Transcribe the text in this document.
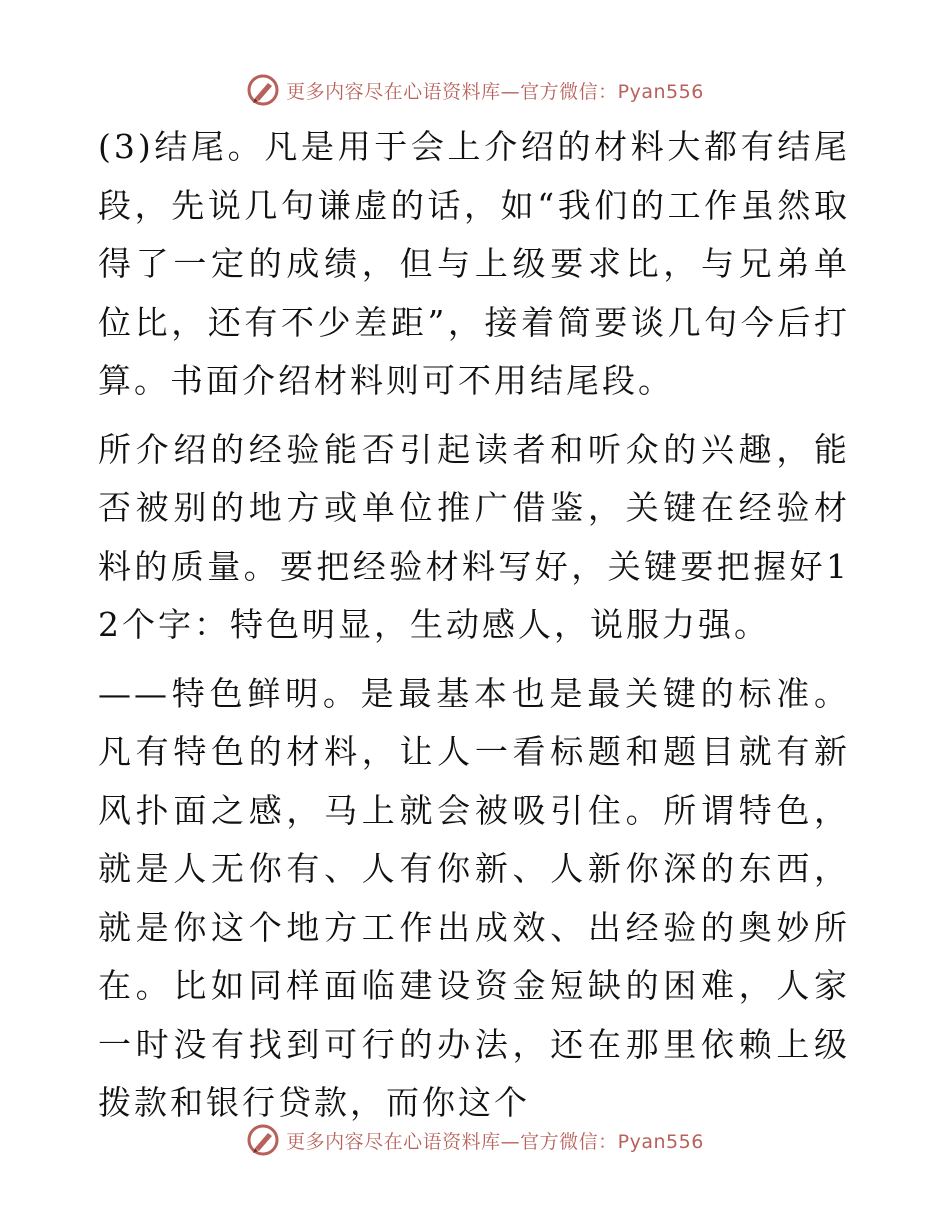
更多内容尽在心语资料库—官方微信：Pyan556

(3)结尾。凡是用于会上介绍的材料大都有结尾段，先说几句谦虚的话，如“我们的工作虽然取得了一定的成绩，但与上级要求比，与兄弟单位比，还有不少差距”，接着简要谈几句今后打算。书面介绍材料则可不用结尾段。

所介绍的经验能否引起读者和听众的兴趣，能否被别的地方或单位推广借鉴，关键在经验材料的质量。要把经验材料写好，关键要把握好12个字：特色明显，生动感人，说服力强。

——特色鲜明。是最基本也是最关键的标准。凡有特色的材料，让人一看标题和题目就有新风扑面之感，马上就会被吸引住。所谓特色，就是人无你有、人有你新、人新你深的东西，就是你这个地方工作出成效、出经验的奥妙所在。比如同样面临建设资金短缺的困难，人家一时没有找到可行的办法，还在那里依赖上级拨款和银行贷款，而你这个

更多内容尽在心语资料库—官方微信：Pyan556
